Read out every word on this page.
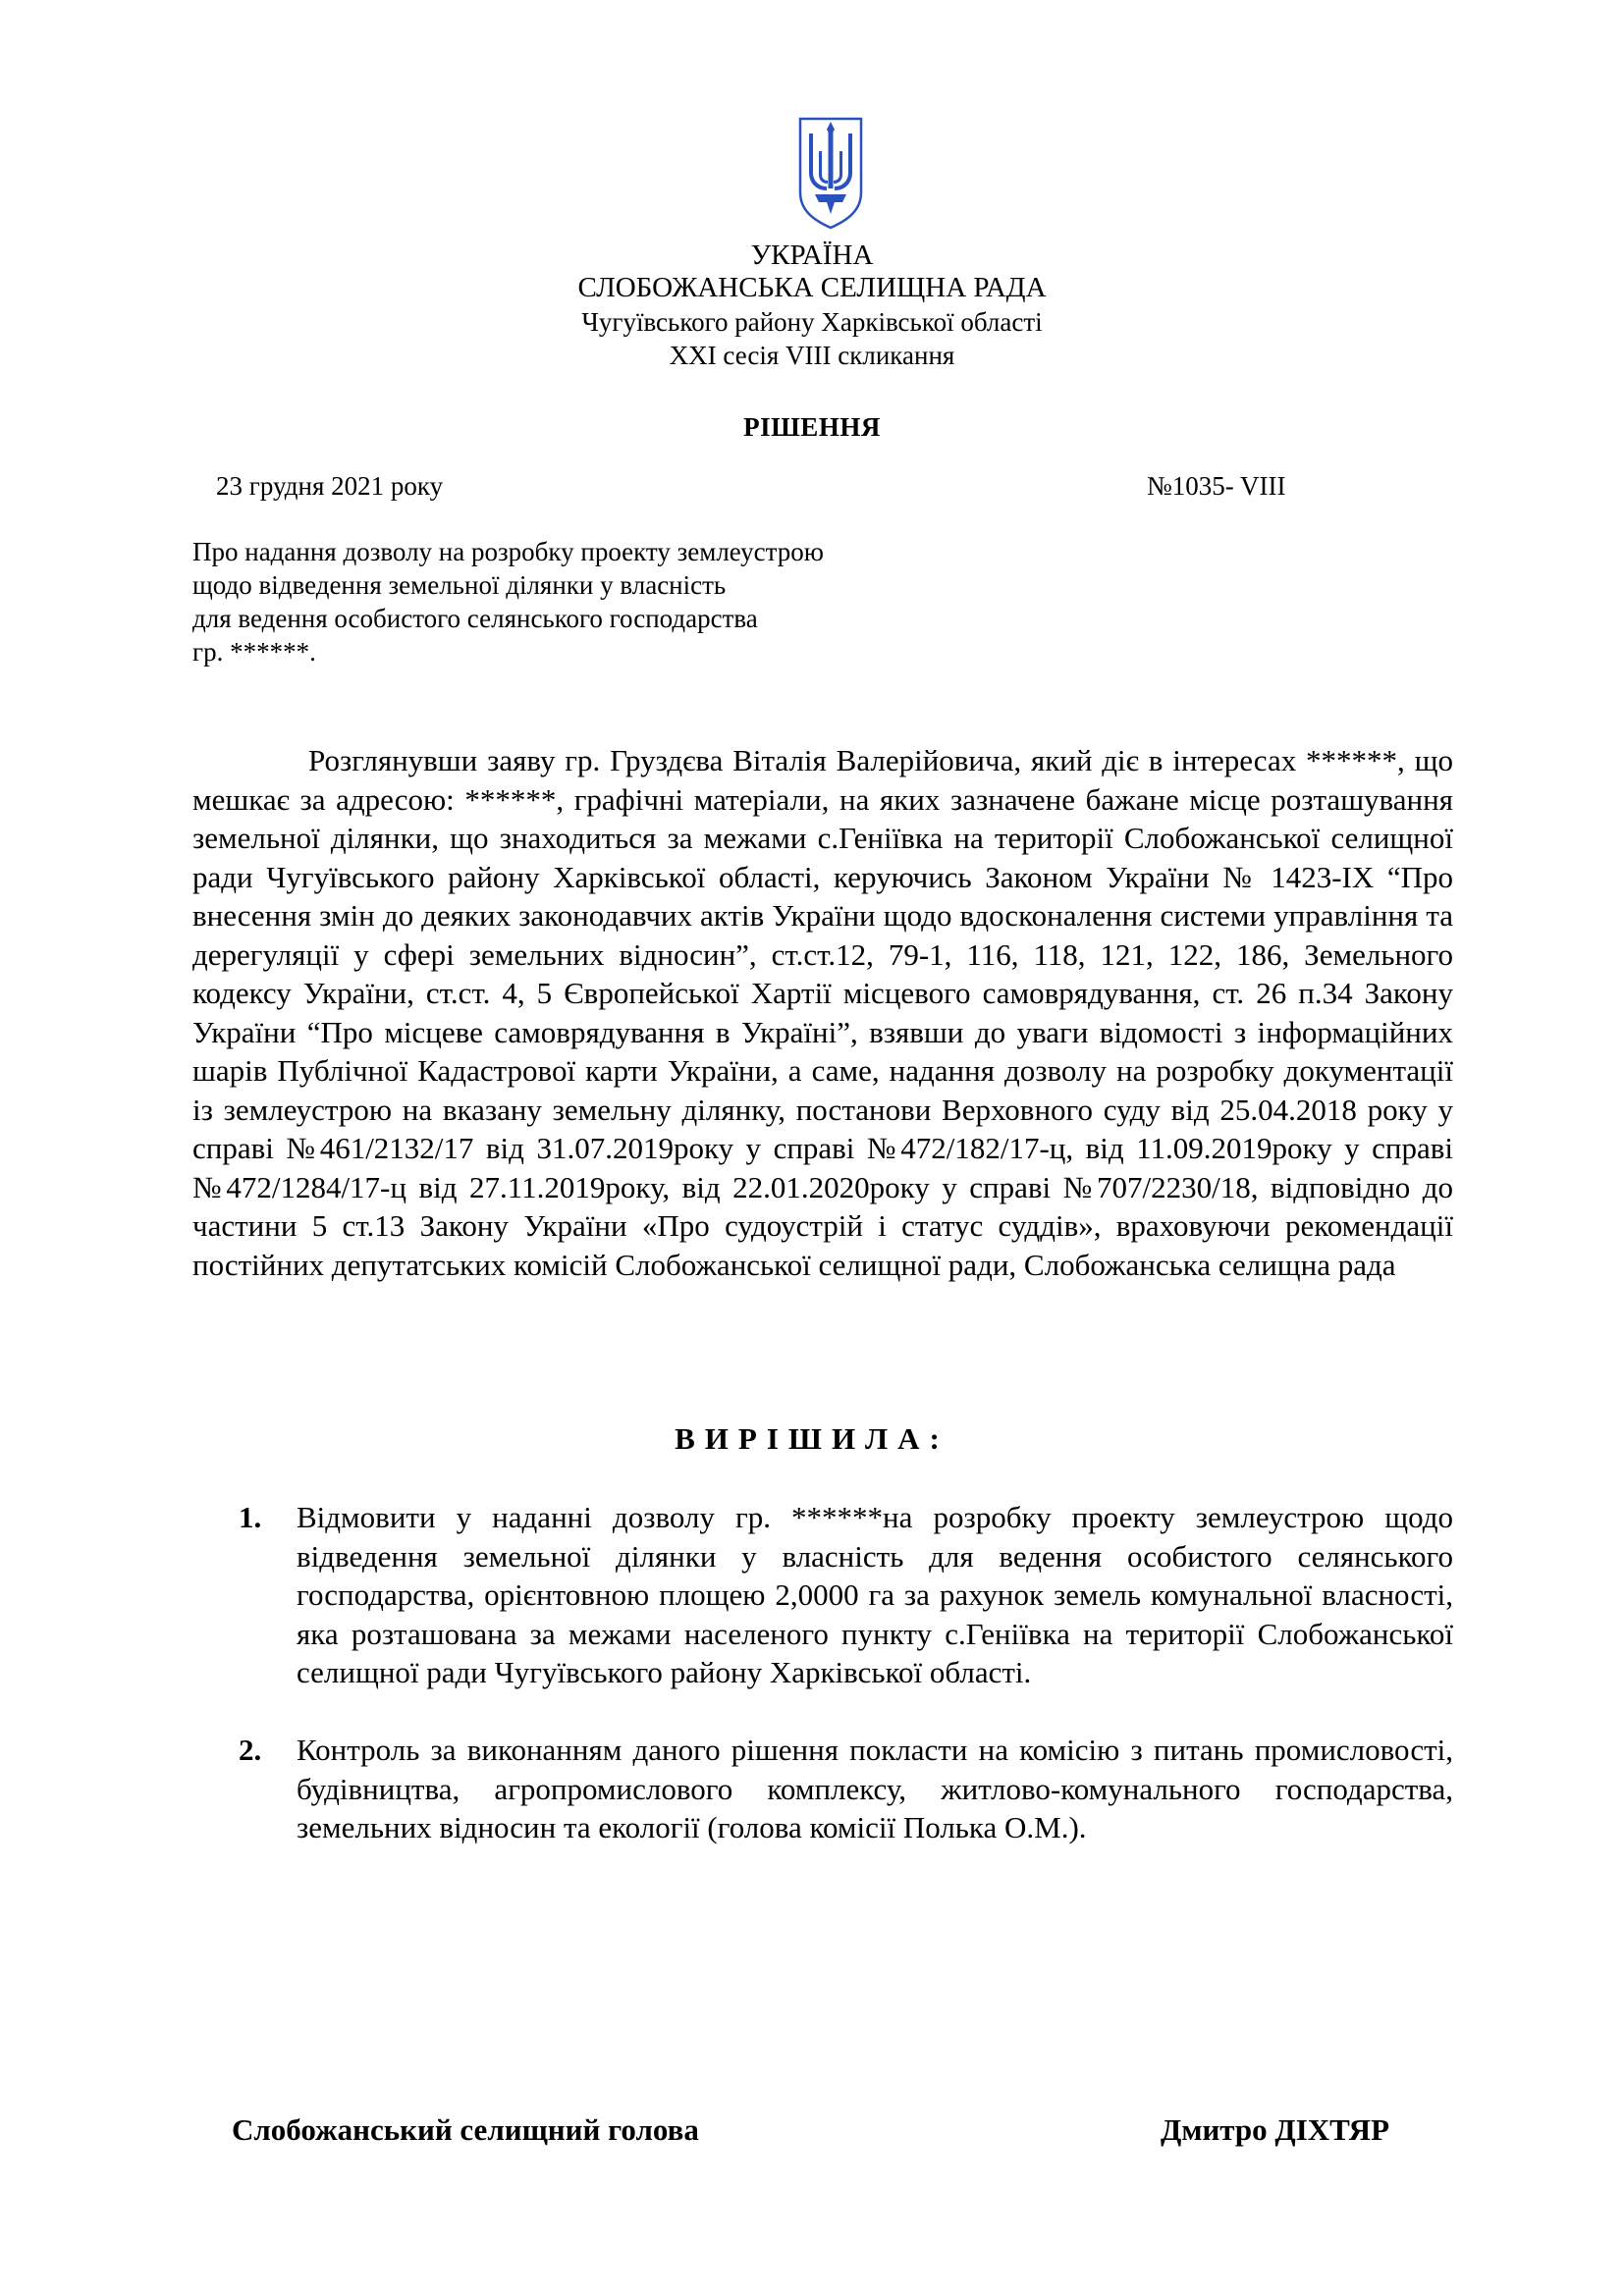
УКРАЇНА
СЛОБОЖАНСЬКА СЕЛИЩНА РАДА
Чугуївського району Харківської області
XXI сесія VIII скликання
РІШЕННЯ
23 грудня 2021 року	№1035- VIII
Про надання дозволу на розробку проекту землеустрою
щодо відведення земельної ділянки у власність
для ведення особистого селянського господарства
гр. ******.
Розглянувши заяву гр. Груздєва Віталія Валерійовича, який діє в інтересах ******, що мешкає за адресою: ******, графічні матеріали, на яких зазначене бажане місце розташування земельної ділянки, що знаходиться за межами с.Геніївка на території Слобожанської селищної ради Чугуївського району Харківської області, керуючись Законом України № 1423-IX “Про внесення змін до деяких законодавчих актів України щодо вдосконалення системи управління та дерегуляції у сфері земельних відносин”, ст.ст.12, 79-1, 116, 118, 121, 122, 186, Земельного кодексу України, ст.ст. 4, 5 Європейської Хартії місцевого самоврядування, ст. 26 п.34 Закону України “Про місцеве самоврядування в Україні”, взявши до уваги відомості з інформаційних шарів Публічної Кадастрової карти України, а саме, надання дозволу на розробку документації із землеустрою на вказану земельну ділянку, постанови Верховного суду від 25.04.2018 року у справі №461/2132/17 від 31.07.2019року у справі №472/182/17-ц, від 11.09.2019року у справі №472/1284/17-ц від 27.11.2019року, від 22.01.2020року у справі №707/2230/18, відповідно до частини 5 ст.13 Закону України «Про судоустрій і статус суддів», враховуючи рекомендації постійних депутатських комісій Слобожанської селищної ради, Слобожанська селищна рада
ВИРІШИЛА:
1. Відмовити у наданні дозволу гр. ******на розробку проекту землеустрою щодо відведення земельної ділянки у власність для ведення особистого селянського господарства, орієнтовною площею 2,0000 га за рахунок земель комунальної власності, яка розташована за межами населеного пункту с.Геніївка на території Слобожанської селищної ради Чугуївського району Харківської області.
2. Контроль за виконанням даного рішення покласти на комісію з питань промисловості, будівництва, агропромислового комплексу, житлово-комунального господарства, земельних відносин та екології (голова комісії Полька О.М.).
Слобожанський селищний голова	Дмитро ДІХТЯР
